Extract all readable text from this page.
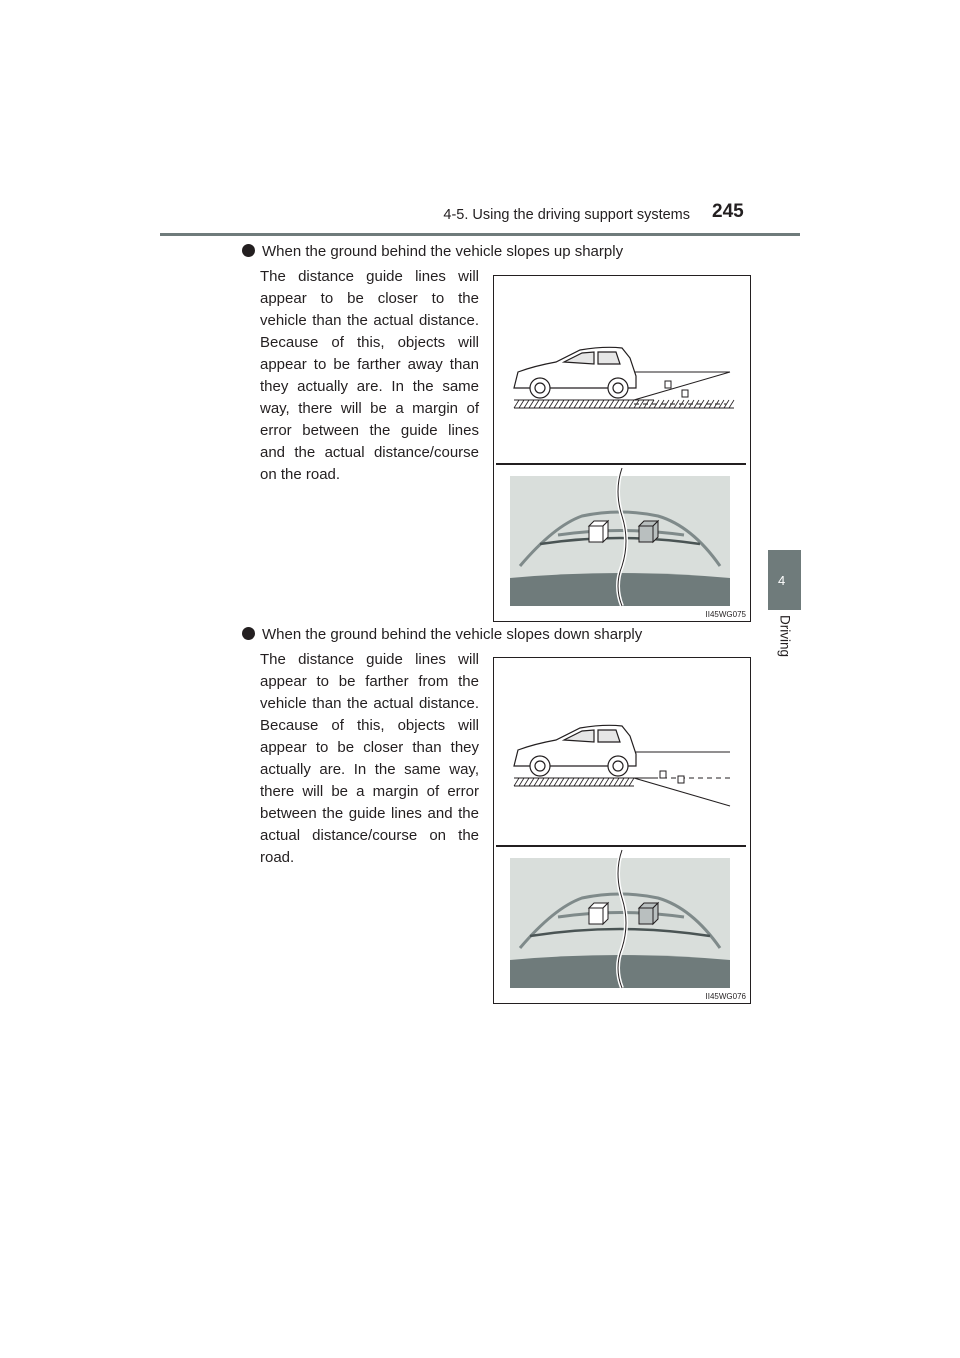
4-5. Using the driving support systems 245
4
Driving
When the ground behind the vehicle slopes up sharply
The distance guide lines will appear to be closer to the vehicle than the actual distance. Because of this, objects will appear to be farther away than they actually are. In the same way, there will be a margin of error between the guide lines and the actual distance/course on the road.
II45WG075
When the ground behind the vehicle slopes down sharply
The distance guide lines will appear to be farther from the vehicle than the actual distance. Because of this, objects will appear to be closer than they actually are. In the same way, there will be a margin of error between the guide lines and the actual distance/course on the road.
II45WG076
